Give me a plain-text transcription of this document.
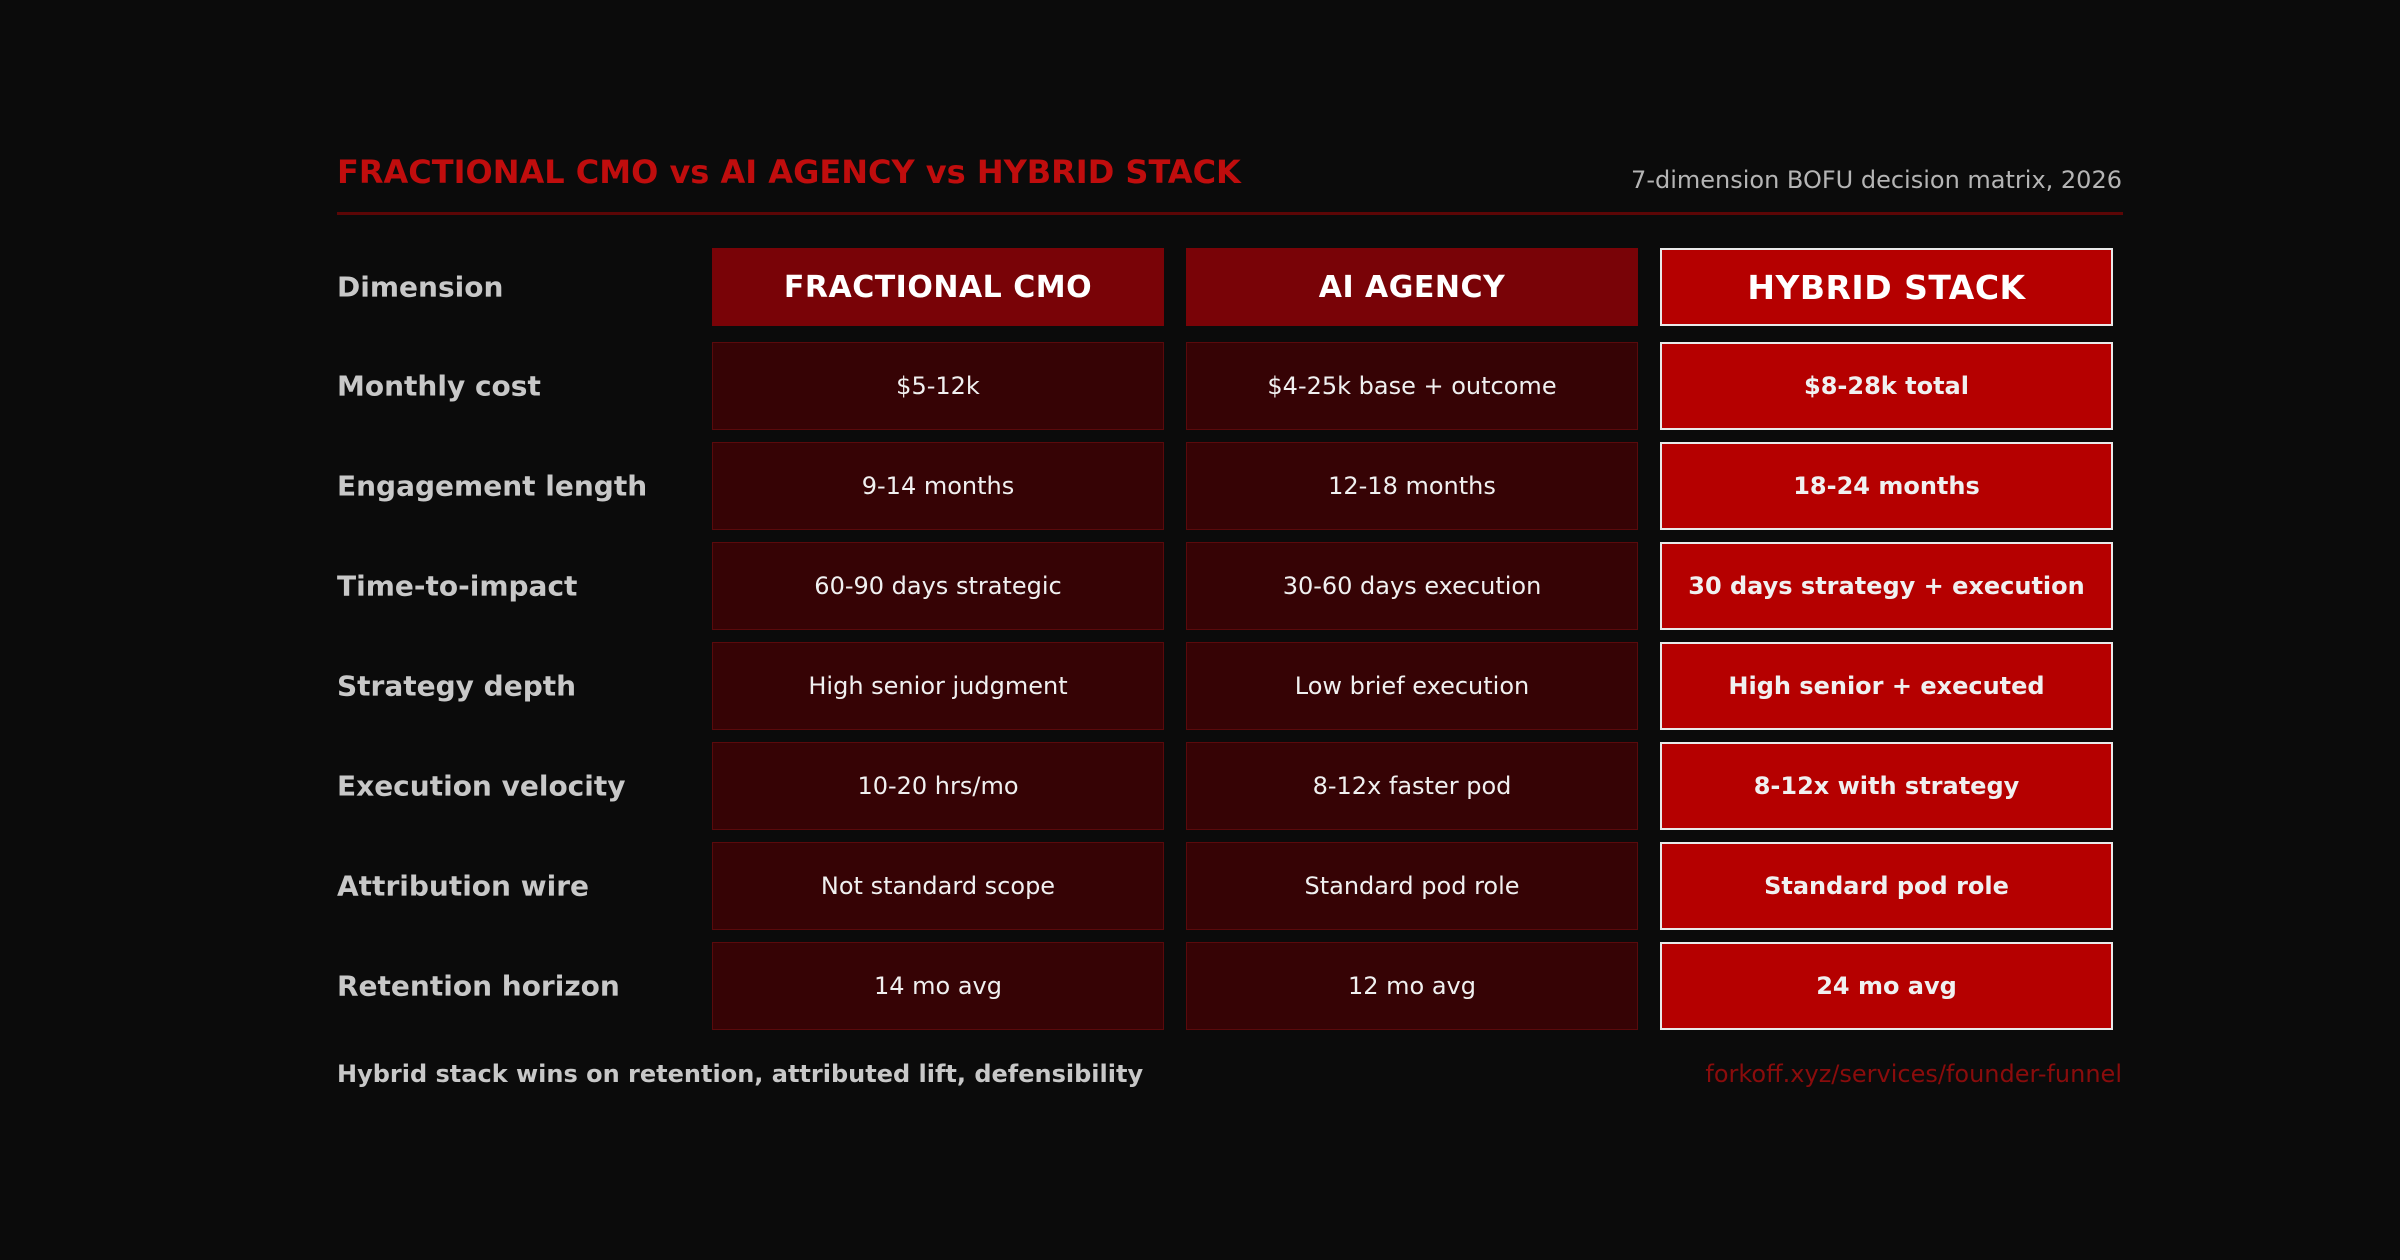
FRACTIONAL CMO vs AI AGENCY vs HYBRID STACK	7-dimension BOFU decision matrix, 2026
Dimension	FRACTIONAL CMO	AI AGENCY	HYBRID STACK
Monthly cost	$5-12k	$4-25k base + outcome	$8-28k total
Engagement length	9-14 months	12-18 months	18-24 months
Time-to-impact	60-90 days strategic	30-60 days execution	30 days strategy + execution
Strategy depth	High senior judgment	Low brief execution	High senior + executed
Execution velocity	10-20 hrs/mo	8-12x faster pod	8-12x with strategy
Attribution wire	Not standard scope	Standard pod role	Standard pod role
Retention horizon	14 mo avg	12 mo avg	24 mo avg
Hybrid stack wins on retention, attributed lift, defensibility	forkoff.xyz/services/founder-funnel
